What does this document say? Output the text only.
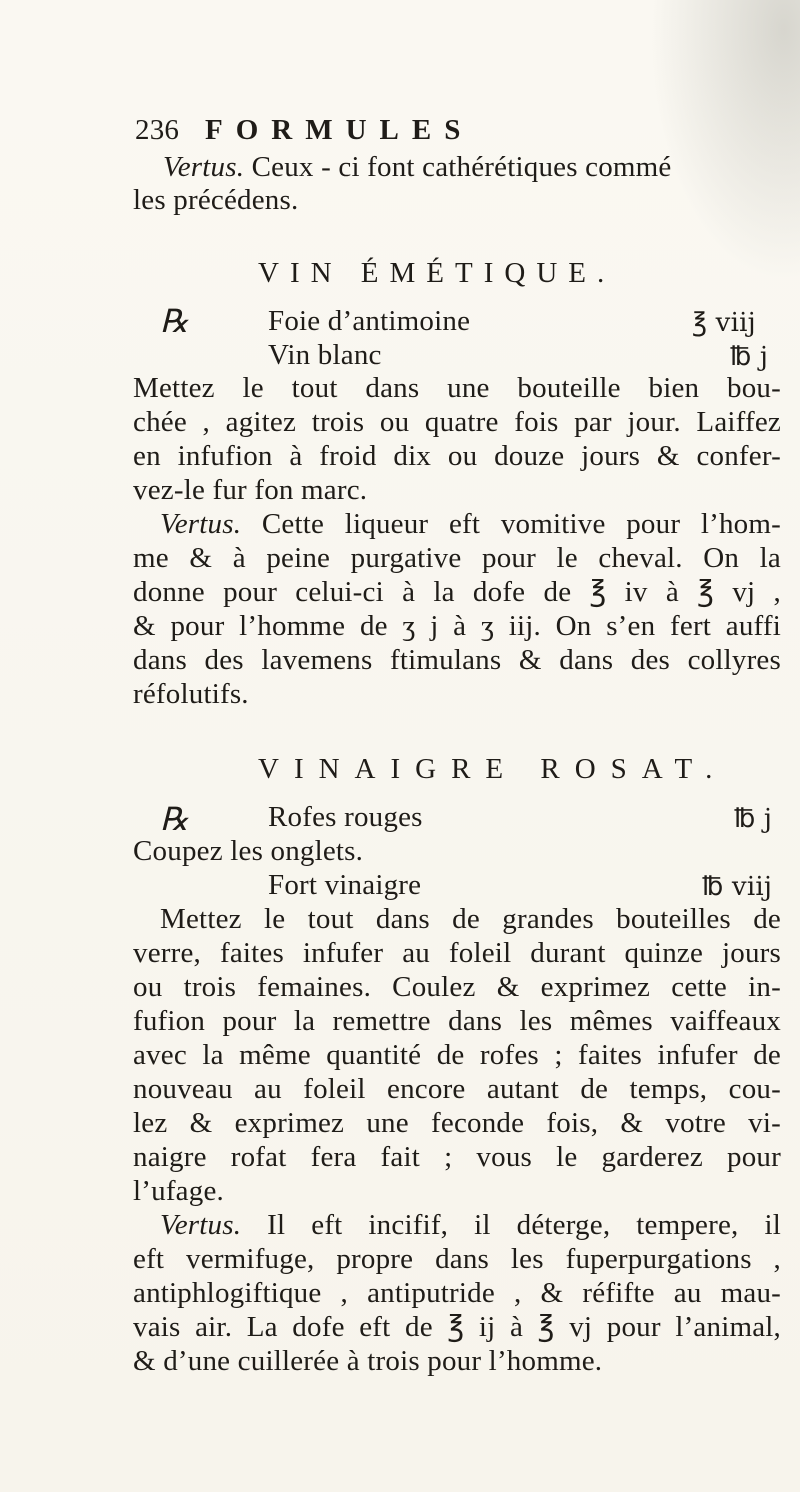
236 FORMULES
Vertus. Ceux - ci font cathérétiques commé
les précédens.
VIN ÉMÉTIQUE.
℞	Foie d’antimoine	℥ viij
Vin blanc	℔ j
Mettez le tout dans une bouteille bien bou-
chée , agitez trois ou quatre fois par jour. Laiffez
en infufion à froid dix ou douze jours & confer-
vez-le fur fon marc.
Vertus. Cette liqueur eft vomitive pour l’hom-
me & à peine purgative pour le cheval. On la
donne pour celui-ci à la dofe de ℥ iv à ℥ vj ,
& pour l’homme de ʒ j à ʒ iij. On s’en fert auffi
dans des lavemens ftimulans & dans des collyres
réfolutifs.
VINAIGRE ROSAT.
℞	Rofes rouges	℔ j
Coupez les onglets.
Fort vinaigre	℔ viij
Mettez le tout dans de grandes bouteilles de
verre, faites infufer au foleil durant quinze jours
ou trois femaines. Coulez & exprimez cette in-
fufion pour la remettre dans les mêmes vaiffeaux
avec la même quantité de rofes ; faites infufer de
nouveau au foleil encore autant de temps, cou-
lez & exprimez une feconde fois, & votre vi-
naigre rofat fera fait ; vous le garderez pour
l’ufage.
Vertus. Il eft incifif, il déterge, tempere, il
eft vermifuge, propre dans les fuperpurgations ,
antiphlogiftique , antiputride , & réfifte au mau-
vais air. La dofe eft de ℥ ij à ℥ vj pour l’animal,
& d’une cuillerée à trois pour l’homme.
